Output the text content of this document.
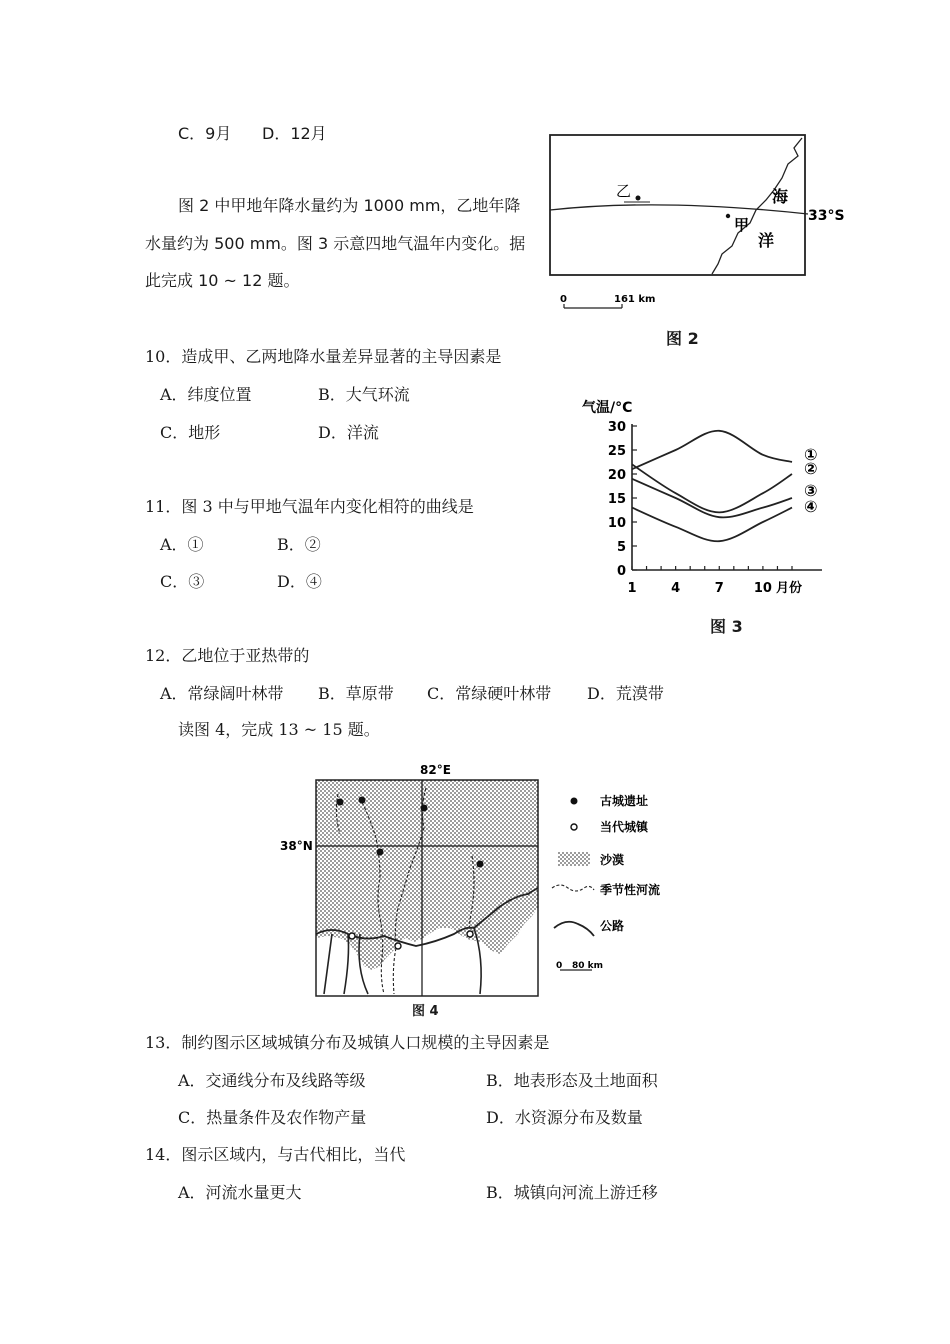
C．9月 D．12月
图 2 中甲地年降水量约为 1000 mm，乙地年降
水量约为 500 mm。图 3 示意四地气温年内变化。据
此完成 10 ~ 12 题。
乙
甲
海
洋
33°S
0	161 km
图 2
10．造成甲、乙两地降水量差异显著的主导因素是
A．纬度位置	B．大气环流
C．地形	D．洋流
气温/°C
0
5
10
15
20
25
30
1	4	7 10
①
②
③
④
月份
图 3
11．图 3 中与甲地气温年内变化相符的曲线是
A．①	B．②
C．③	D．④
12．乙地位于亚热带的
A．常绿阔叶林带 B．草原带 C．常绿硬叶林带 D．荒漠带
读图 4，完成 13 ~ 15 题。
82°E
38°N
古城遗址
当代城镇
沙漠
季节性河流
公路
0 80 km
图 4
13．制约图示区域城镇分布及城镇人口规模的主导因素是
A．交通线分布及线路等级	B．地表形态及土地面积
C．热量条件及农作物产量	D．水资源分布及数量
14．图示区域内，与古代相比，当代
A．河流水量更大	B．城镇向河流上游迁移
